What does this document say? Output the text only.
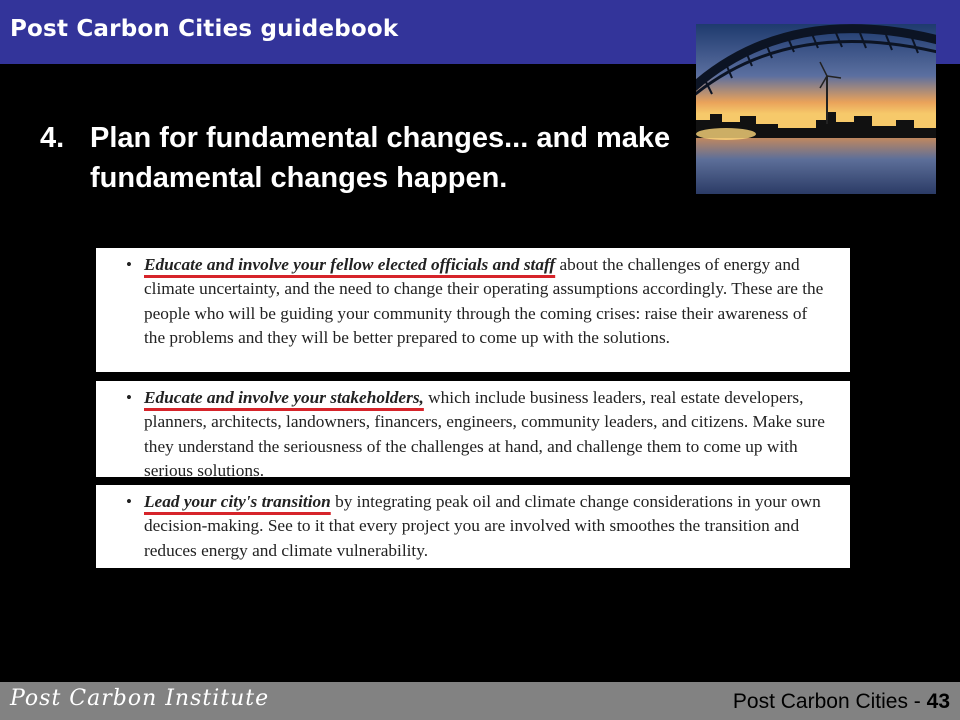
Post Carbon Cities guidebook
4. Plan for fundamental changes... and make fundamental changes happen.
• Educate and involve your fellow elected officials and staff about the challenges of energy and climate uncertainty, and the need to change their operating assumptions accordingly. These are the people who will be guiding your community through the coming crises: raise their awareness of the problems and they will be better prepared to come up with the solutions.
• Educate and involve your stakeholders, which include business leaders, real estate developers, planners, architects, landowners, financers, engineers, community leaders, and citizens. Make sure they understand the seriousness of the challenges at hand, and challenge them to come up with serious solutions.
• Lead your city's transition by integrating peak oil and climate change considerations in your own decision-making. See to it that every project you are involved with smoothes the transition and reduces energy and climate vulnerability.
Post Carbon Institute	Post Carbon Cities - 43
